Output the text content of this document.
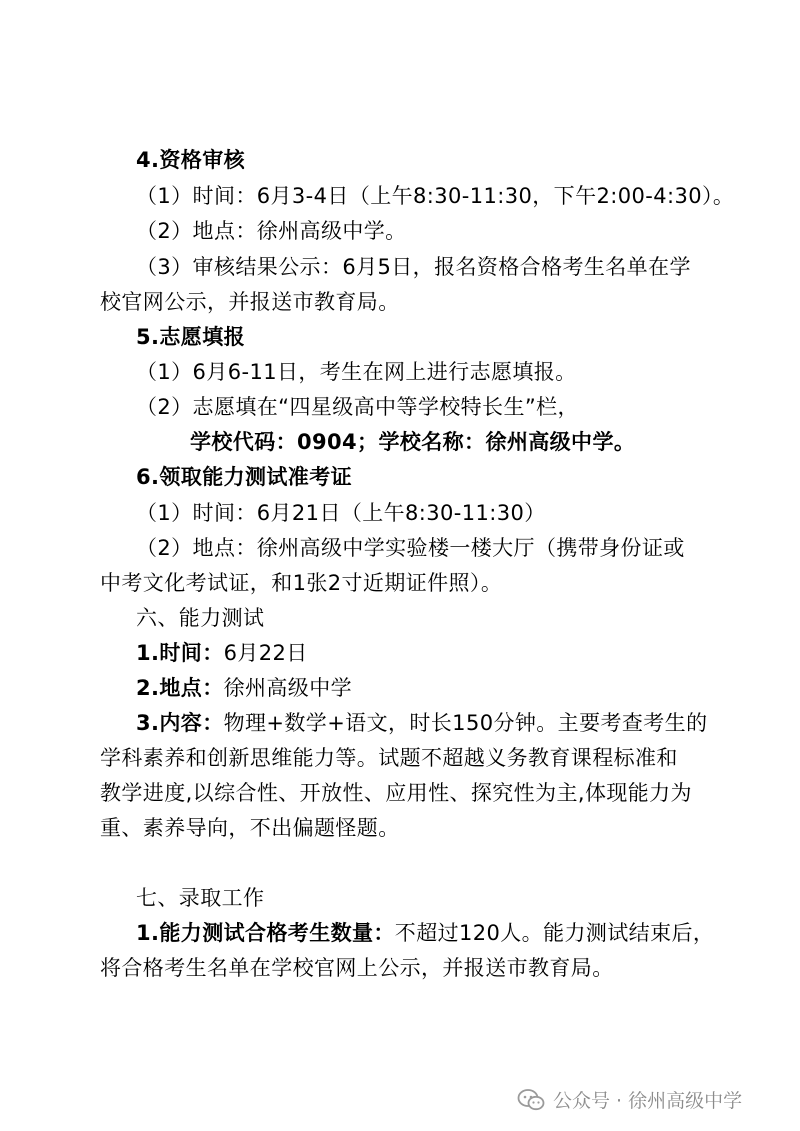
4.资格审核
（1）时间：6月3-4日（上午8:30-11:30，下午2:00-4:30）。
（2）地点：徐州高级中学。
（3）审核结果公示：6月5日，报名资格合格考生名单在学
校官网公示，并报送市教育局。
5.志愿填报
（1）6月6-11日，考生在网上进行志愿填报。
（2）志愿填在“四星级高中等学校特长生”栏，
学校代码：0904；学校名称：徐州高级中学。
6.领取能力测试准考证
（1）时间：6月21日（上午8:30-11:30）
（2）地点：徐州高级中学实验楼一楼大厅（携带身份证或
中考文化考试证，和1张2寸近期证件照）。
六、能力测试
1.时间：6月22日
2.地点：徐州高级中学
3.内容：物理+数学+语文，时长150分钟。主要考查考生的
学科素养和创新思维能力等。试题不超越义务教育课程标准和
教学进度,以综合性、开放性、应用性、探究性为主,体现能力为
重、素养导向，不出偏题怪题。
七、录取工作
1.能力测试合格考生数量：不超过120人。能力测试结束后，
将合格考生名单在学校官网上公示，并报送市教育局。
公众号 · 徐州高级中学
